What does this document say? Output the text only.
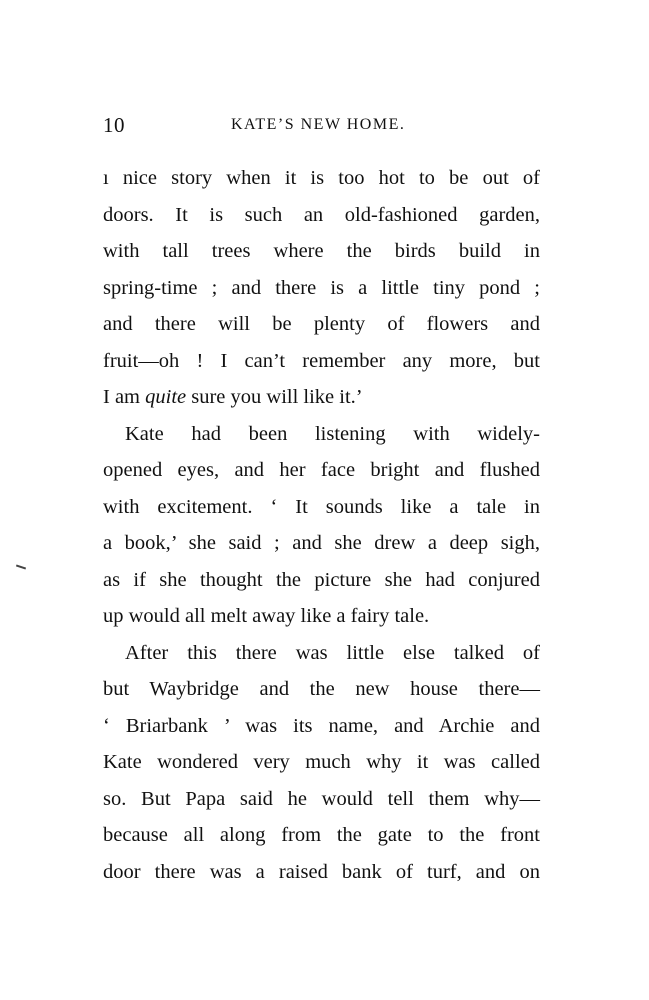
10	KATE’S NEW HOME.
ı nice story when it is too hot to be out of
doors. It is such an old-fashioned garden,
with tall trees where the birds build in
spring-time ; and there is a little tiny pond ;
and there will be plenty of flowers and
fruit—oh ! I can’t remember any more, but
I am quite sure you will like it.’
Kate had been listening with widely-
opened eyes, and her face bright and flushed
with excitement. ‘ It sounds like a tale in
a book,’ she said ; and she drew a deep sigh,
as if she thought the picture she had conjured
up would all melt away like a fairy tale.
After this there was little else talked of
but Waybridge and the new house there—
‘ Briarbank ’ was its name, and Archie and
Kate wondered very much why it was called
so. But Papa said he would tell them why—
because all along from the gate to the front
door there was a raised bank of turf, and on
